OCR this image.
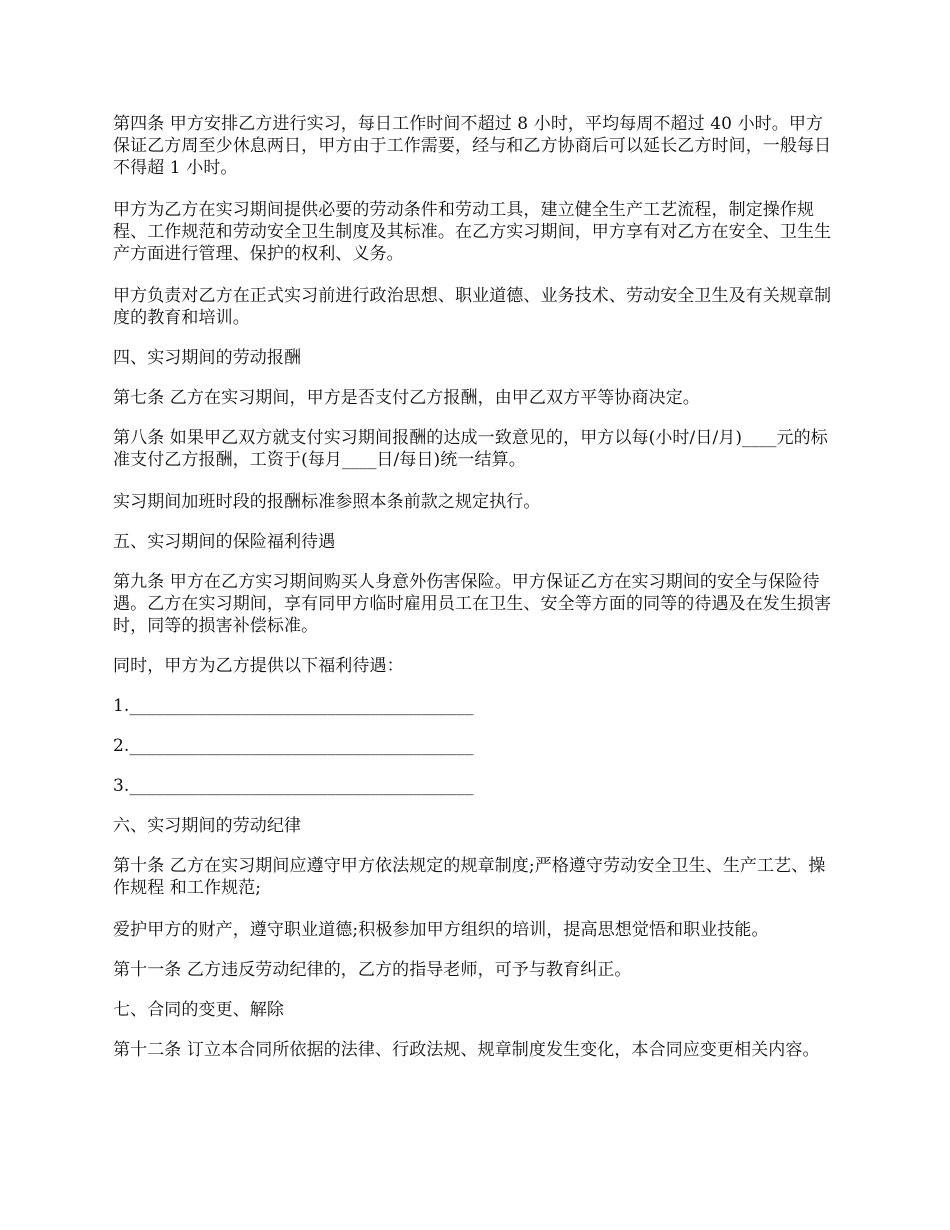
第四条 甲方安排乙方进行实习，每日工作时间不超过 8 小时，平均每周不超过 40 小时。甲方保证乙方周至少休息两日，甲方由于工作需要，经与和乙方协商后可以延长乙方时间，一般每日不得超 1 小时。

甲方为乙方在实习期间提供必要的劳动条件和劳动工具，建立健全生产工艺流程，制定操作规程、工作规范和劳动安全卫生制度及其标准。在乙方实习期间，甲方享有对乙方在安全、卫生生产方面进行管理、保护的权利、义务。

甲方负责对乙方在正式实习前进行政治思想、职业道德、业务技术、劳动安全卫生及有关规章制度的教育和培训。

四、实习期间的劳动报酬

第七条 乙方在实习期间，甲方是否支付乙方报酬，由甲乙双方平等协商决定。

第八条 如果甲乙双方就支付实习期间报酬的达成一致意见的，甲方以每(小时/日/月)____元的标准支付乙方报酬，工资于(每月____日/每日)统一结算。

实习期间加班时段的报酬标准参照本条前款之规定执行。

五、实习期间的保险福利待遇

第九条 甲方在乙方实习期间购买人身意外伤害保险。甲方保证乙方在实习期间的安全与保险待遇。乙方在实习期间，享有同甲方临时雇用员工在卫生、安全等方面的同等的待遇及在发生损害时，同等的损害补偿标准。

同时，甲方为乙方提供以下福利待遇：

1.________________________________________

2.________________________________________

3.________________________________________

六、实习期间的劳动纪律

第十条 乙方在实习期间应遵守甲方依法规定的规章制度;严格遵守劳动安全卫生、生产工艺、操作规程 和工作规范;

爱护甲方的财产，遵守职业道德;积极参加甲方组织的培训，提高思想觉悟和职业技能。

第十一条 乙方违反劳动纪律的，乙方的指导老师，可予与教育纠正。

七、合同的变更、解除

第十二条 订立本合同所依据的法律、行政法规、规章制度发生变化，本合同应变更相关内容。
